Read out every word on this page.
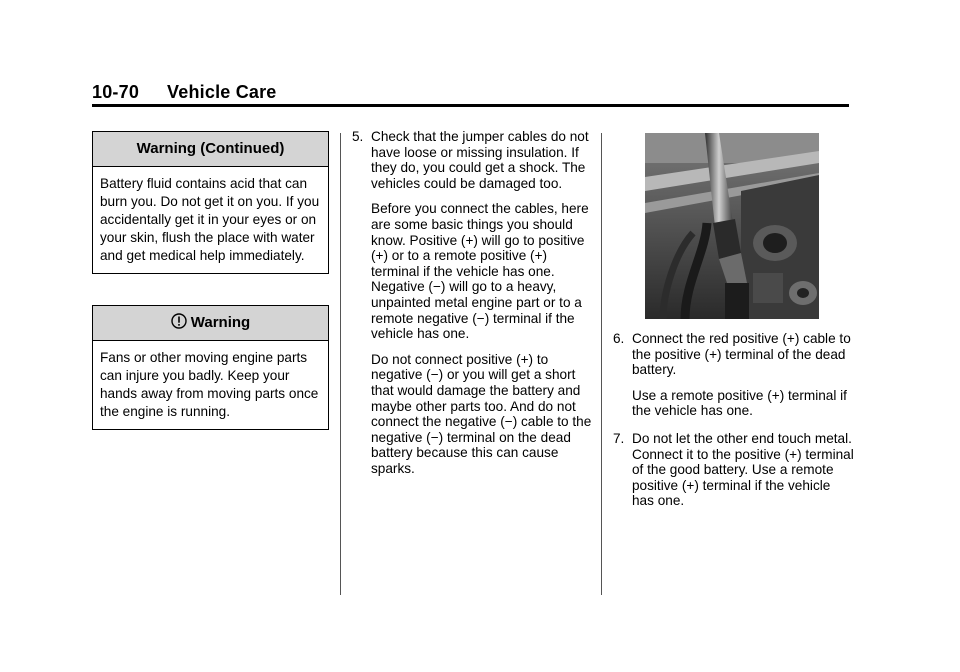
10-70 Vehicle Care
Warning (Continued)
Battery fluid contains acid that can burn you. Do not get it on you. If you accidentally get it in your eyes or on your skin, flush the place with water and get medical help immediately.
Warning
Fans or other moving engine parts can injure you badly. Keep your hands away from moving parts once the engine is running.
5. Check that the jumper cables do not have loose or missing insulation. If they do, you could get a shock. The vehicles could be damaged too.

Before you connect the cables, here are some basic things you should know. Positive (+) will go to positive (+) or to a remote positive (+) terminal if the vehicle has one. Negative (−) will go to a heavy, unpainted metal engine part or to a remote negative (−) terminal if the vehicle has one.

Do not connect positive (+) to negative (−) or you will get a short that would damage the battery and maybe other parts too. And do not connect the negative (−) cable to the negative (−) terminal on the dead battery because this can cause sparks.

6. Connect the red positive (+) cable to the positive (+) terminal of the dead battery.

Use a remote positive (+) terminal if the vehicle has one.

7. Do not let the other end touch metal. Connect it to the positive (+) terminal of the good battery. Use a remote positive (+) terminal if the vehicle has one.
